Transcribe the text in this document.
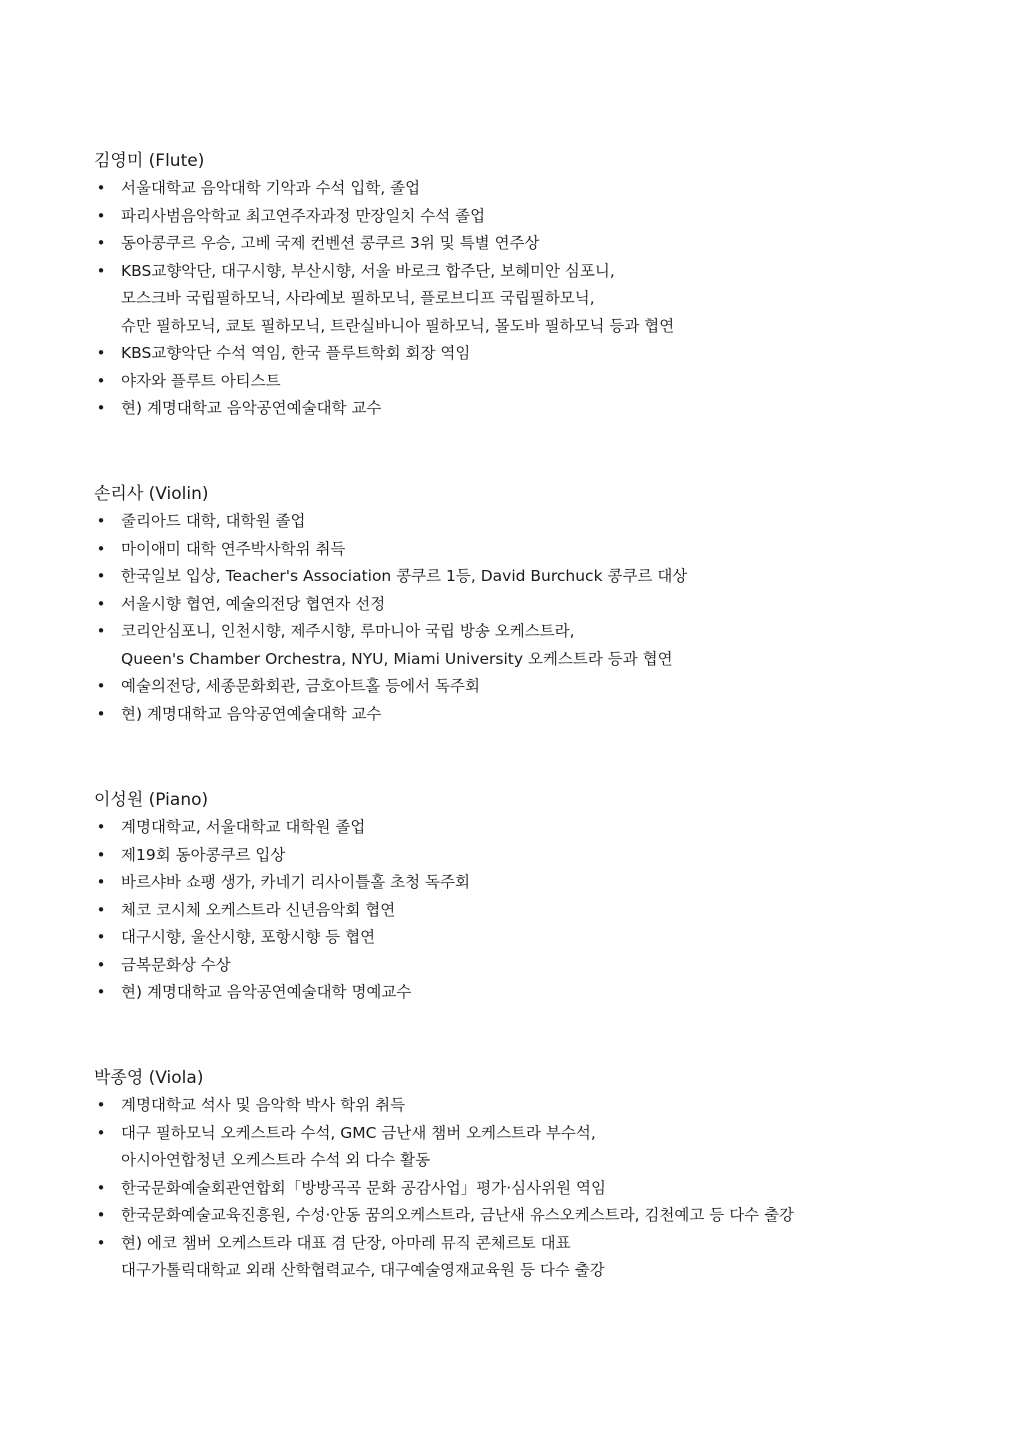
김영미 (Flute)
• 서울대학교 음악대학 기악과 수석 입학, 졸업
• 파리사범음악학교 최고연주자과정 만장일치 수석 졸업
• 동아콩쿠르 우승, 고베 국제 컨벤션 콩쿠르 3위 및 특별 연주상
• KBS교향악단, 대구시향, 부산시향, 서울 바로크 합주단, 보헤미안 심포니,
모스크바 국립필하모닉, 사라예보 필하모닉, 플로브디프 국립필하모닉,
슈만 필하모닉, 쿄토 필하모닉, 트란실바니아 필하모닉, 몰도바 필하모닉 등과 협연
• KBS교향악단 수석 역임, 한국 플루트학회 회장 역임
• 야자와 플루트 아티스트
• 현) 계명대학교 음악공연예술대학 교수
손리사 (Violin)
• 줄리아드 대학, 대학원 졸업
• 마이애미 대학 연주박사학위 취득
• 한국일보 입상, Teacher's Association 콩쿠르 1등, David Burchuck 콩쿠르 대상
• 서울시향 협연, 예술의전당 협연자 선정
• 코리안심포니, 인천시향, 제주시향, 루마니아 국립 방송 오케스트라,
Queen's Chamber Orchestra, NYU, Miami University 오케스트라 등과 협연
• 예술의전당, 세종문화회관, 금호아트홀 등에서 독주회
• 현) 계명대학교 음악공연예술대학 교수
이성원 (Piano)
• 계명대학교, 서울대학교 대학원 졸업
• 제19회 동아콩쿠르 입상
• 바르샤바 쇼팽 생가, 카네기 리사이틀홀 초청 독주회
• 체코 코시체 오케스트라 신년음악회 협연
• 대구시향, 울산시향, 포항시향 등 협연
• 금복문화상 수상
• 현) 계명대학교 음악공연예술대학 명예교수
박종영 (Viola)
• 계명대학교 석사 및 음악학 박사 학위 취득
• 대구 필하모닉 오케스트라 수석, GMC 금난새 챔버 오케스트라 부수석,
아시아연합청년 오케스트라 수석 외 다수 활동
• 한국문화예술회관연합회「방방곡곡 문화 공감사업」평가·심사위원 역임
• 한국문화예술교육진흥원, 수성·안동 꿈의오케스트라, 금난새 유스오케스트라, 김천예고 등 다수 출강
• 현) 에코 챔버 오케스트라 대표 겸 단장, 아마레 뮤직 콘체르토 대표
대구가톨릭대학교 외래 산학협력교수, 대구예술영재교육원 등 다수 출강
